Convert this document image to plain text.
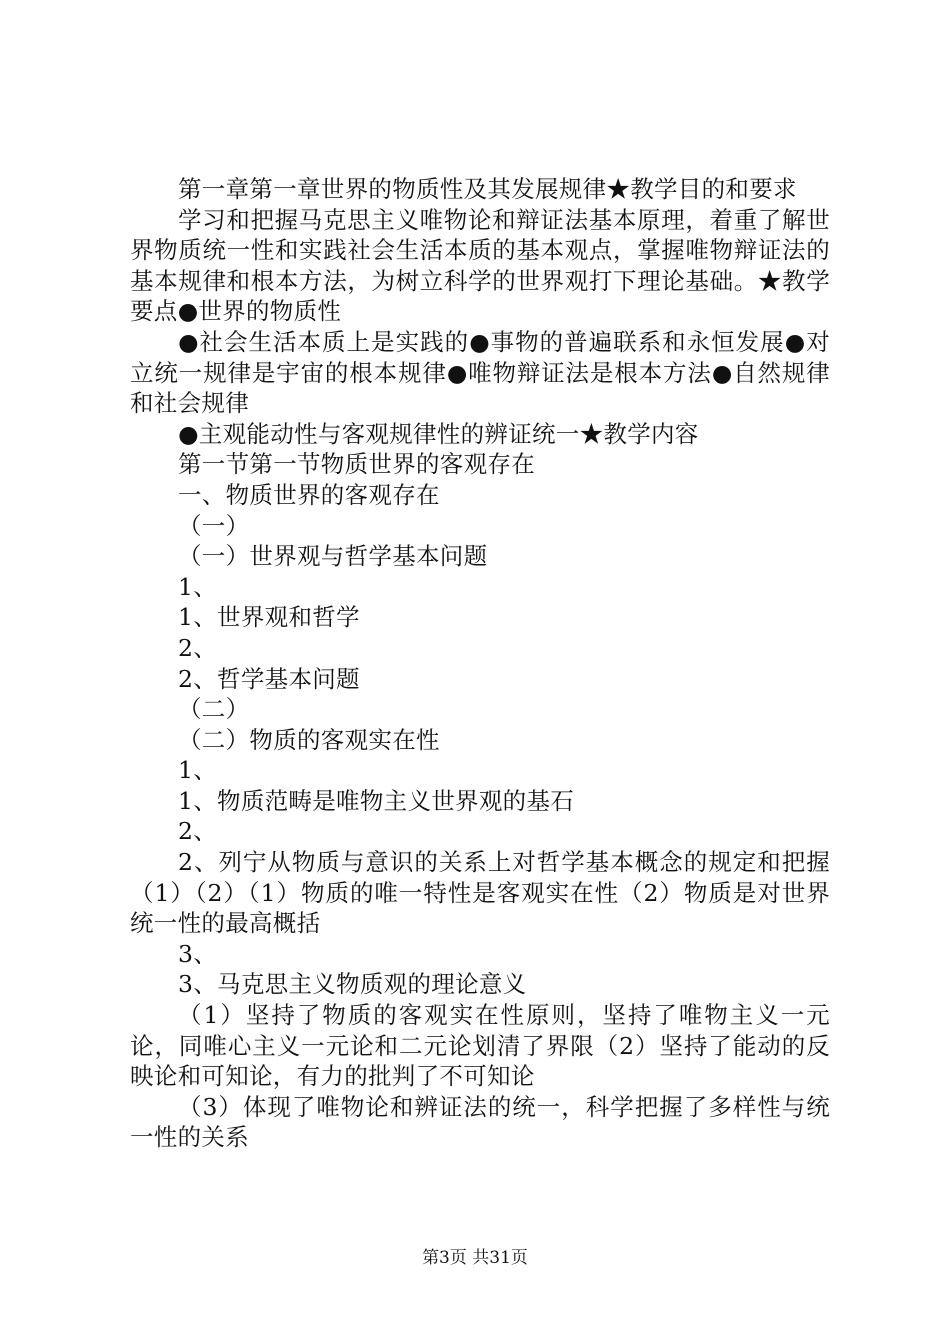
第一章第一章世界的物质性及其发展规律★教学目的和要求

学习和把握马克思主义唯物论和辩证法基本原理，着重了解世界物质统一性和实践社会生活本质的基本观点，掌握唯物辩证法的基本规律和根本方法，为树立科学的世界观打下理论基础。★教学要点●世界的物质性

●社会生活本质上是实践的●事物的普遍联系和永恒发展●对立统一规律是宇宙的根本规律●唯物辩证法是根本方法●自然规律和社会规律

●主观能动性与客观规律性的辨证统一★教学内容

第一节第一节物质世界的客观存在

一、物质世界的客观存在

（一）

（一）世界观与哲学基本问题

1、

1、世界观和哲学

2、

2、哲学基本问题

（二）

（二）物质的客观实在性

1、

1、物质范畴是唯物主义世界观的基石

2、

2、列宁从物质与意识的关系上对哲学基本概念的规定和把握（1）（2）（1）物质的唯一特性是客观实在性（2）物质是对世界统一性的最高概括

3、

3、马克思主义物质观的理论意义

（1）坚持了物质的客观实在性原则，坚持了唯物主义一元论，同唯心主义一元论和二元论划清了界限（2）坚持了能动的反映论和可知论，有力的批判了不可知论

（3）体现了唯物论和辨证法的统一，科学把握了多样性与统一性的关系

第3页 共31页
